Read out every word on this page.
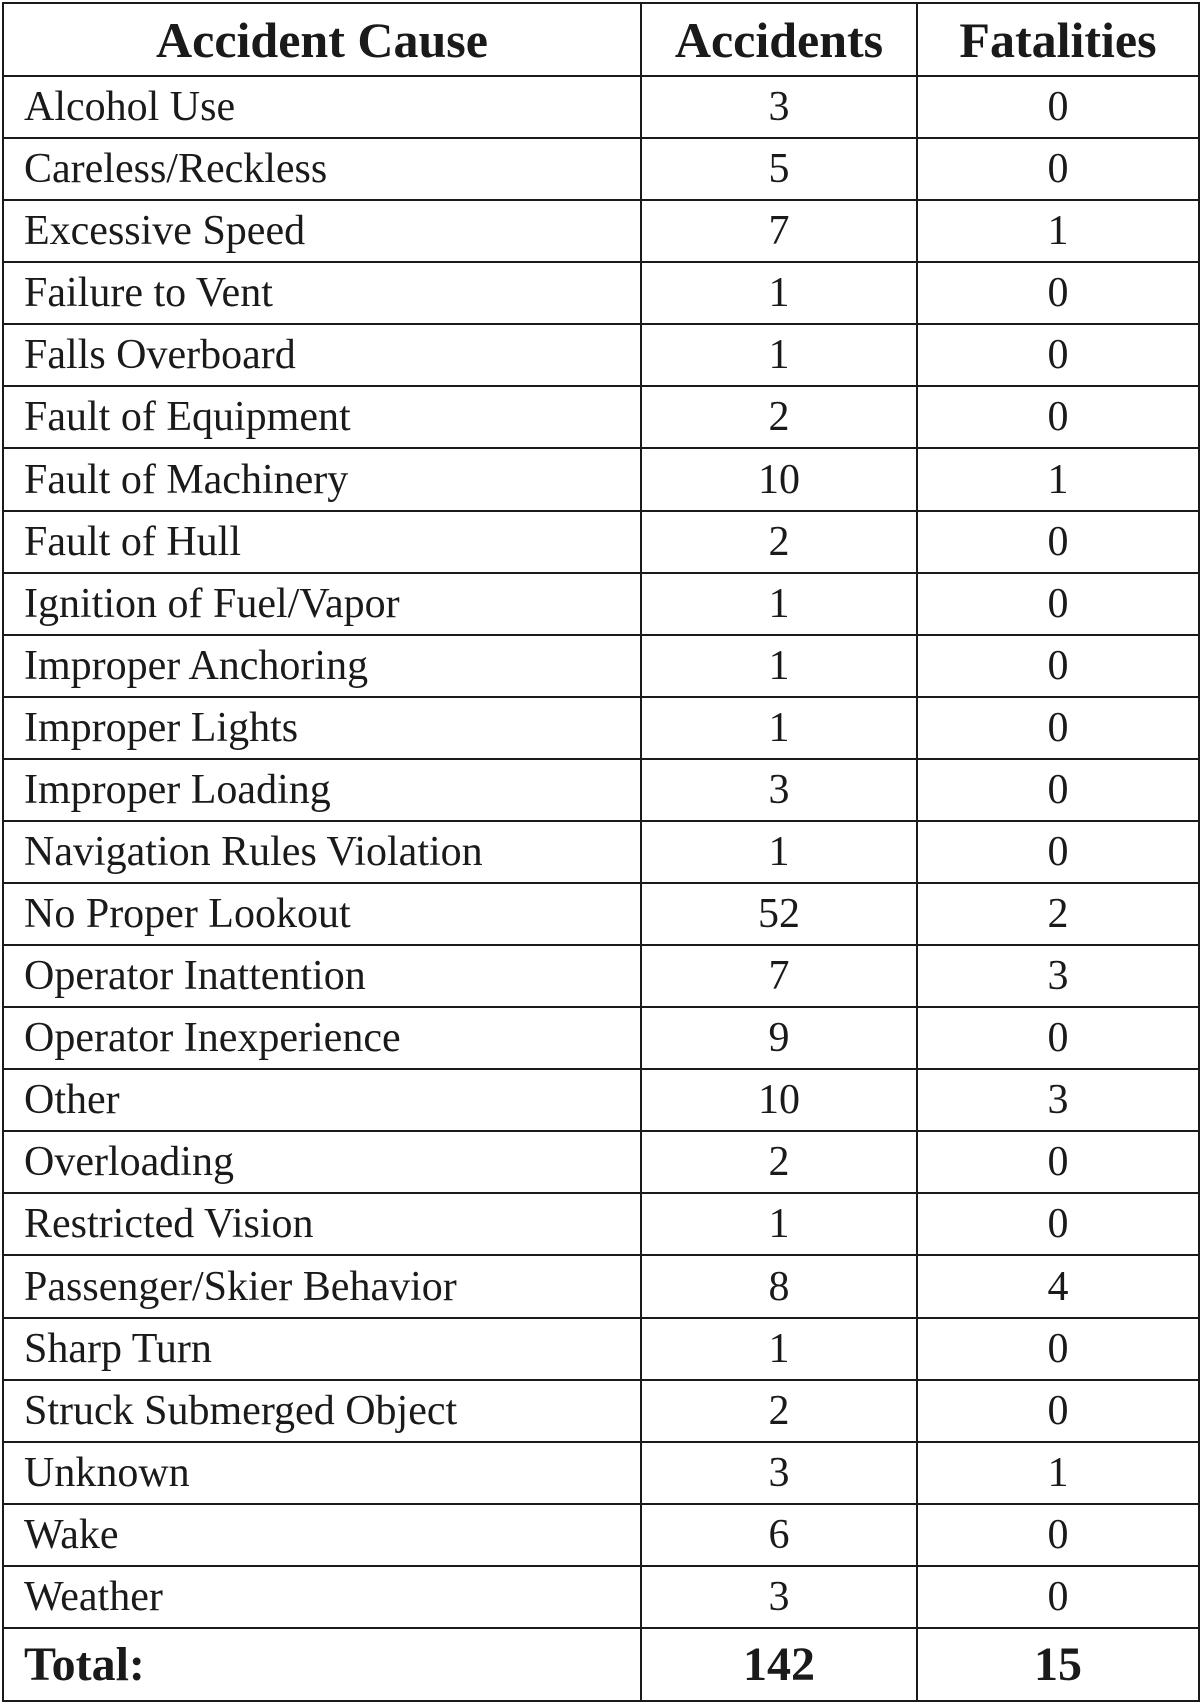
Accident Cause	Accidents	Fatalities
Alcohol Use	3	0
Careless/Reckless	5	0
Excessive Speed	7	1
Failure to Vent	1	0
Falls Overboard	1	0
Fault of Equipment	2	0
Fault of Machinery	10	1
Fault of Hull	2	0
Ignition of Fuel/Vapor	1	0
Improper Anchoring	1	0
Improper Lights	1	0
Improper Loading	3	0
Navigation Rules Violation	1	0
No Proper Lookout	52	2
Operator Inattention	7	3
Operator Inexperience	9	0
Other	10	3
Overloading	2	0
Restricted Vision	1	0
Passenger/Skier Behavior	8	4
Sharp Turn	1	0
Struck Submerged Object	2	0
Unknown	3	1
Wake	6	0
Weather	3	0
Total:	142	15
